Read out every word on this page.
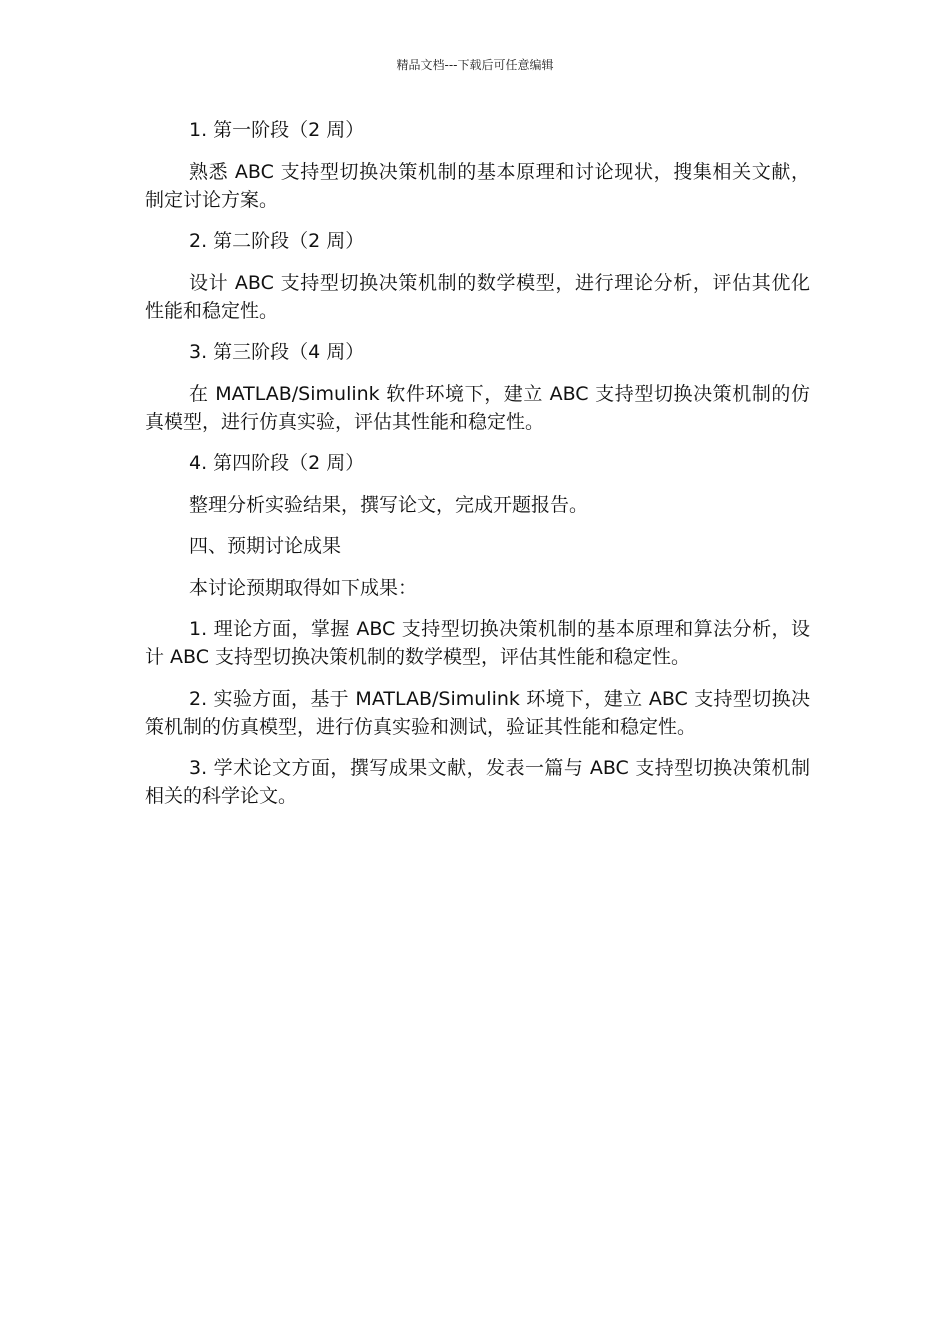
精品文档---下载后可任意编辑

1. 第一阶段（2 周）

熟悉 ABC 支持型切换决策机制的基本原理和讨论现状，搜集相关文献，制定讨论方案。

2. 第二阶段（2 周）

设计 ABC 支持型切换决策机制的数学模型，进行理论分析，评估其优化性能和稳定性。

3. 第三阶段（4 周）

在 MATLAB/Simulink 软件环境下，建立 ABC 支持型切换决策机制的仿真模型，进行仿真实验，评估其性能和稳定性。

4. 第四阶段（2 周）

整理分析实验结果，撰写论文，完成开题报告。

四、预期讨论成果

本讨论预期取得如下成果：

1. 理论方面，掌握 ABC 支持型切换决策机制的基本原理和算法分析，设计 ABC 支持型切换决策机制的数学模型，评估其性能和稳定性。

2. 实验方面，基于 MATLAB/Simulink 环境下，建立 ABC 支持型切换决策机制的仿真模型，进行仿真实验和测试，验证其性能和稳定性。

3. 学术论文方面，撰写成果文献，发表一篇与 ABC 支持型切换决策机制相关的科学论文。
